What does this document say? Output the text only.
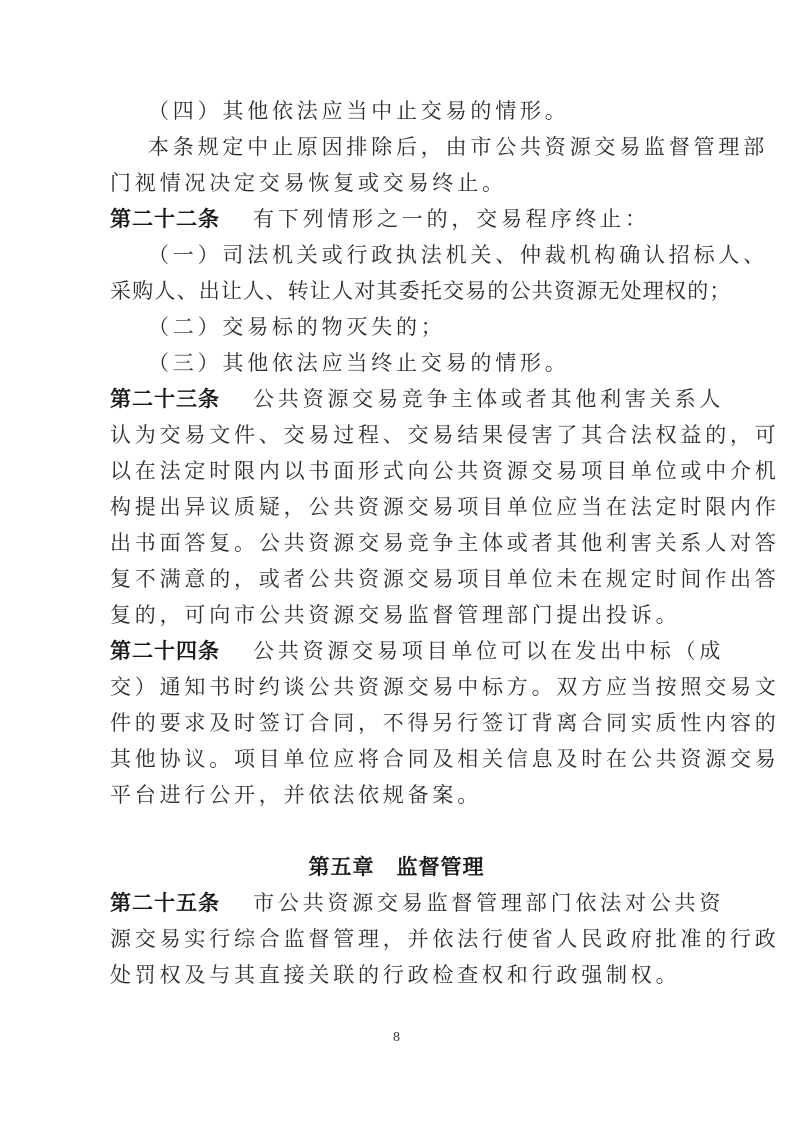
（四）其他依法应当中止交易的情形。
本条规定中止原因排除后，由市公共资源交易监督管理部
门视情况决定交易恢复或交易终止。
第二十二条 有下列情形之一的，交易程序终止：
（一）司法机关或行政执法机关、仲裁机构确认招标人、
采购人、出让人、转让人对其委托交易的公共资源无处理权的；
（二）交易标的物灭失的；
（三）其他依法应当终止交易的情形。
第二十三条 公共资源交易竞争主体或者其他利害关系人
认为交易文件、交易过程、交易结果侵害了其合法权益的，可
以在法定时限内以书面形式向公共资源交易项目单位或中介机
构提出异议质疑，公共资源交易项目单位应当在法定时限内作
出书面答复。公共资源交易竞争主体或者其他利害关系人对答
复不满意的，或者公共资源交易项目单位未在规定时间作出答
复的，可向市公共资源交易监督管理部门提出投诉。
第二十四条 公共资源交易项目单位可以在发出中标（成
交）通知书时约谈公共资源交易中标方。双方应当按照交易文
件的要求及时签订合同，不得另行签订背离合同实质性内容的
其他协议。项目单位应将合同及相关信息及时在公共资源交易
平台进行公开，并依法依规备案。
第五章　监督管理
第二十五条 市公共资源交易监督管理部门依法对公共资
源交易实行综合监督管理，并依法行使省人民政府批准的行政
处罚权及与其直接关联的行政检查权和行政强制权。
8
